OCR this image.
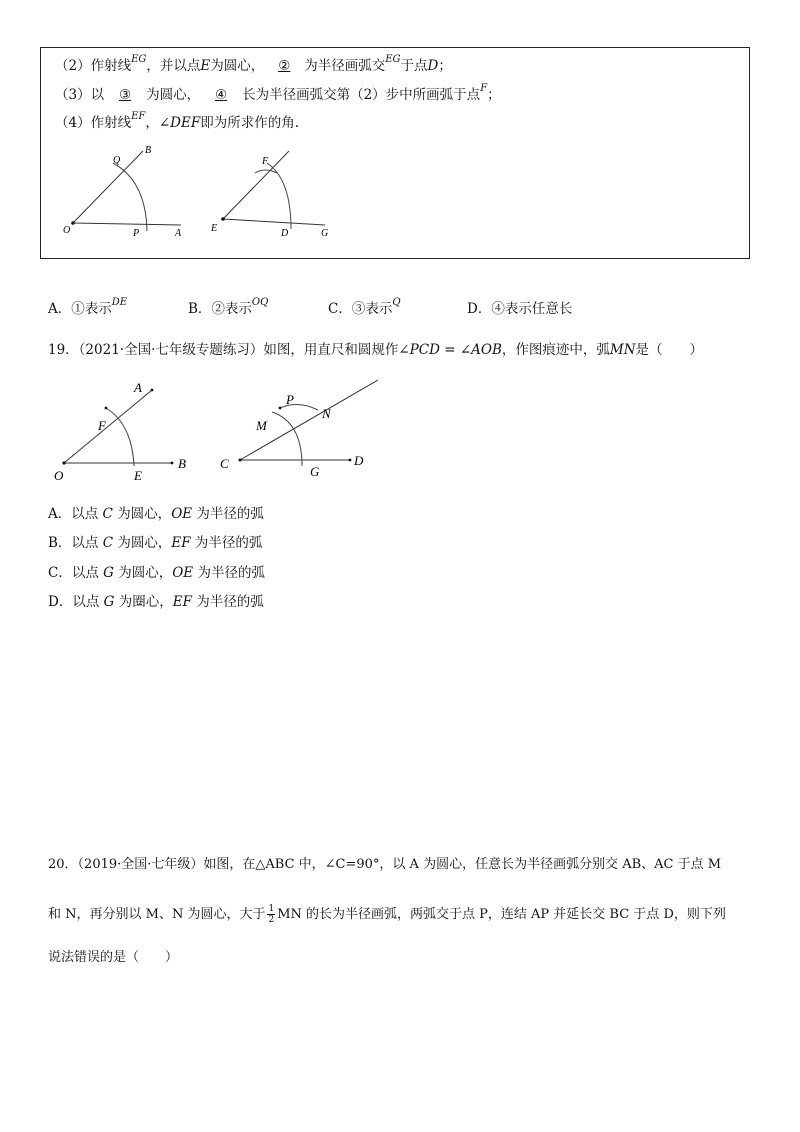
（2）作射线$^{EG}$，并以点E为圆心， ② 为半径画弧交$^{EG}$于点D；
（3）以 ③ 为圆心， ④ 长为半径画弧交第（2）步中所画弧于点$^F$；
（4）作射线$^{EF}$，∠DEF即为所求作的角.
O	P	A
Q
B
E	D	G
F
A．①表示$^{DE}$	B．②表示$^{OQ}$	C．③表示$^Q$	D．④表示任意长
19．（2021·全国·七年级专题练习）如图，用直尺和圆规作∠PCD = ∠AOB，作图痕迹中，弧MN是（　　）
O	E
B
F
A
C
G
D
M
P
N
A．以点 C 为圆心，OE 为半径的弧
B．以点 C 为圆心，EF 为半径的弧
C．以点 G 为圆心，OE 为半径的弧
D．以点 G 为圈心，EF 为半径的弧
20．（2019·全国·七年级）如图，在△ABC 中，∠C=90°，以 A 为圆心，任意长为半径画弧分别交 AB、AC 于点 M
和 N，再分别以 M、N 为圆心，大于 $\frac{1}{2}$ MN 的长为半径画弧，两弧交于点 P，连结 AP 并延长交 BC 于点 D，则下列
说法错误的是（　　）
